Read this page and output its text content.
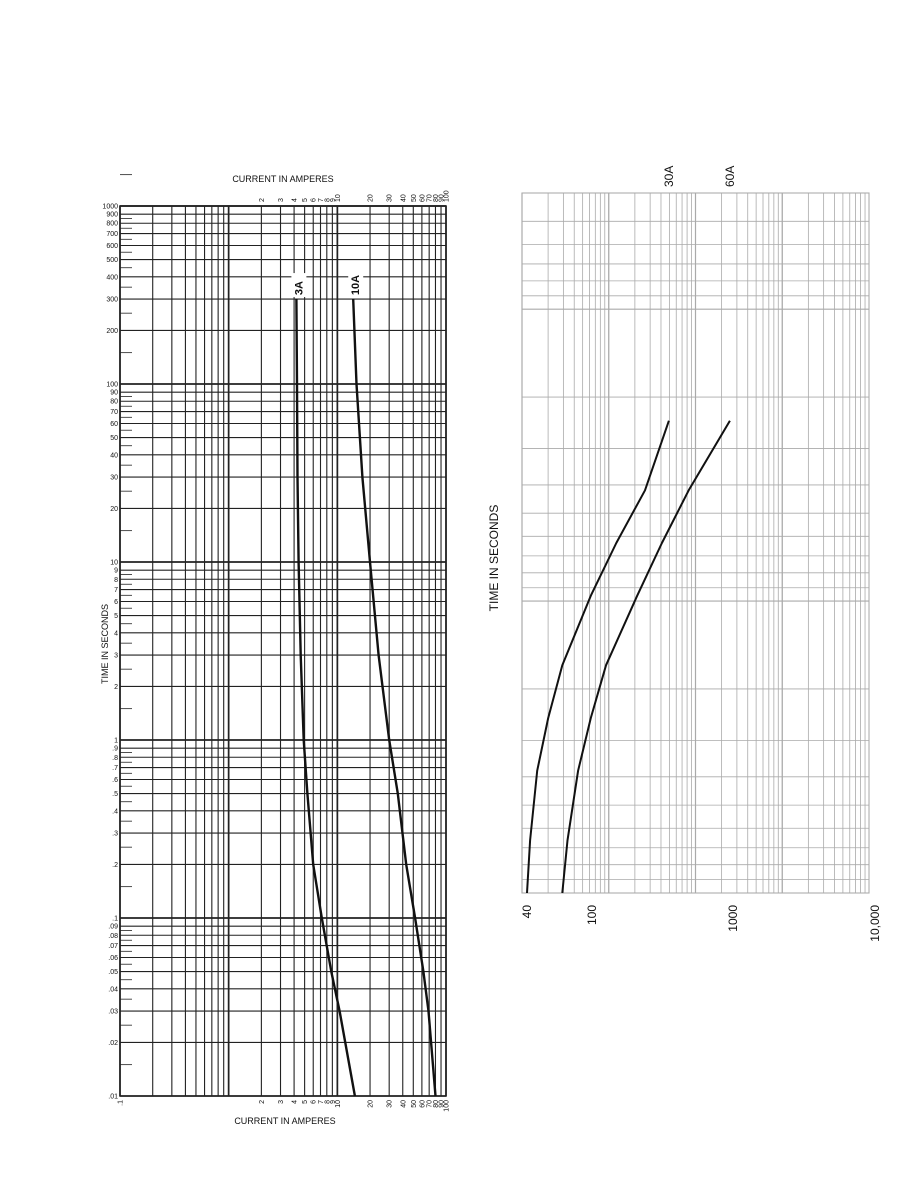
.1	2 3 4 5 6 7 8
9
10	20 30 40 50 60 70 80
90
100
2 3 4 5 6 7 8
9
10	20 30 40 50 60 70 80
90
100
1000
900
800
700
600
500
400
300
200
100
90
80
70
60
50
40
30
20
10
9
8
7
6
5
4
3
2
1
.9
.8
.7
.6
.5
.4
.3
.2
.1
.09
.08
.07
.06
.05
.04
.03
.02
.01
CURRENT IN AMPERES
CURRENT IN AMPERES
TIME IN SECONDS
3A	10A
40	100	1000	10,000
TIME IN SECONDS
30A	60A
